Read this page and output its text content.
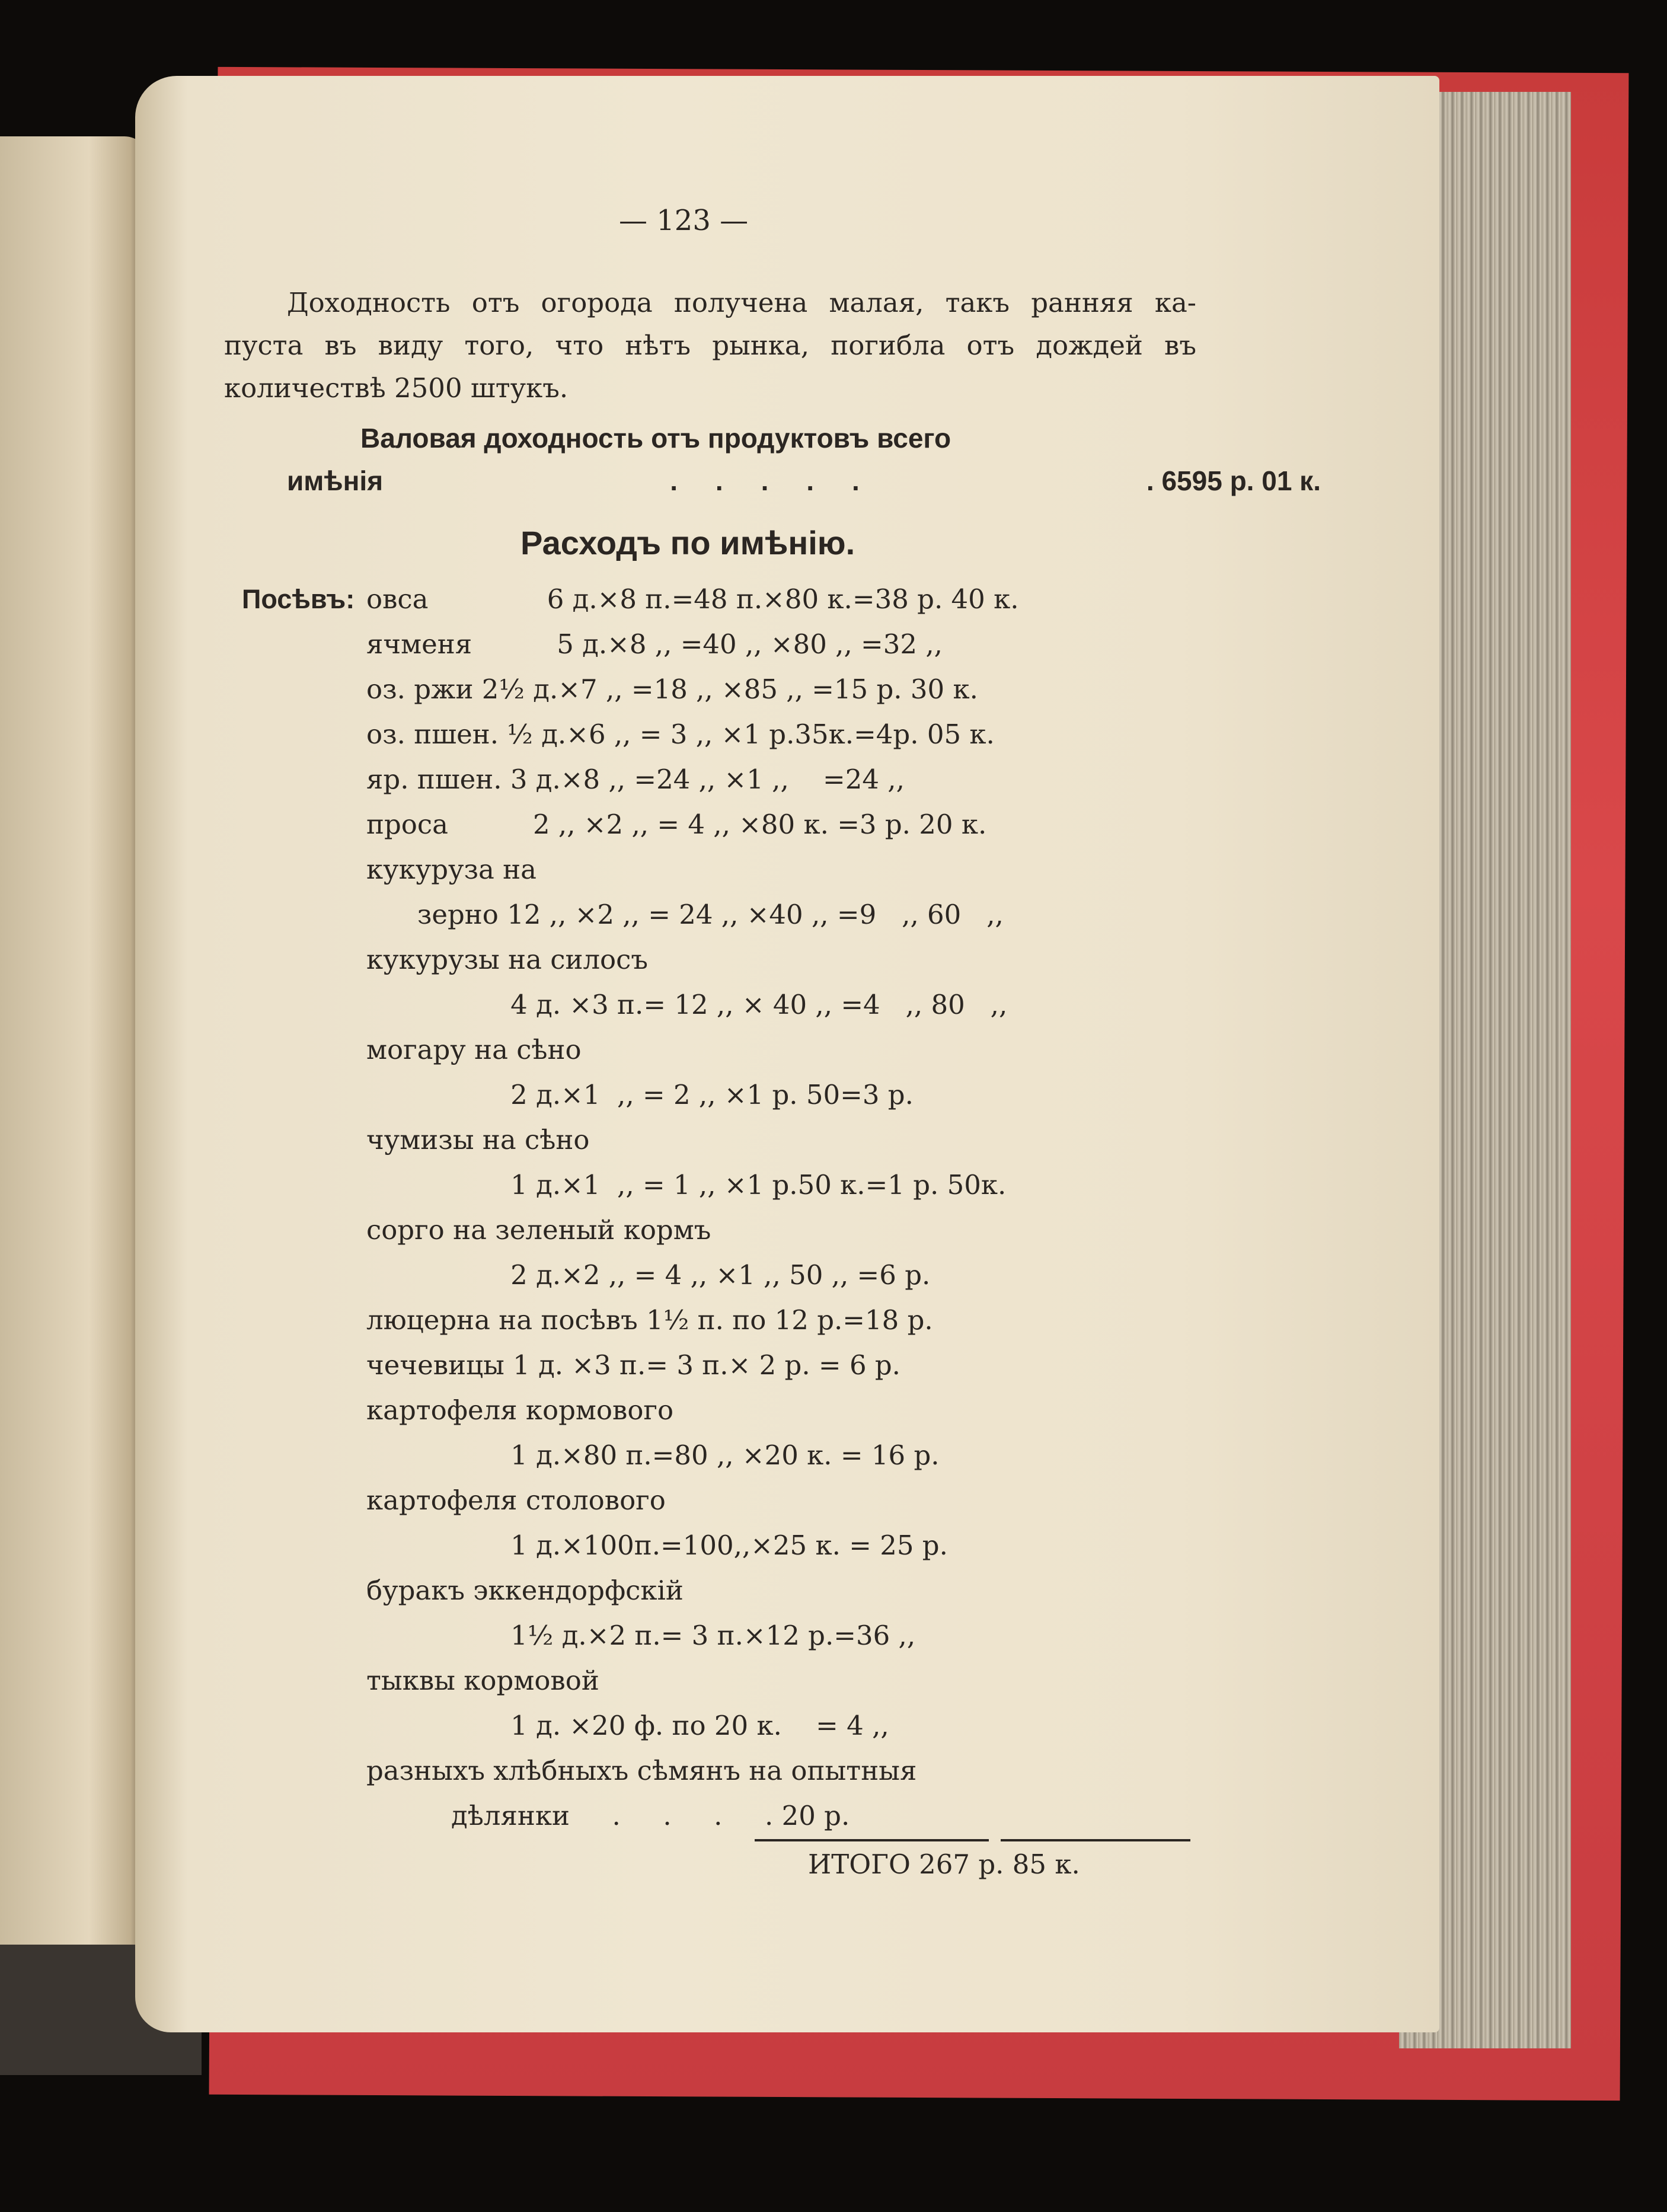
— 123 —
Доходность отъ огорода получена малая, такъ ранняя ка-
пуста въ виду того, что нѣтъ рынка, погибла отъ дождей въ
количествѣ 2500 штукъ.
Валовая доходность отъ продуктовъ всего
имѣнія	.     .     .     .     .	. 6595 р. 01 к.
Расходъ по имѣнію.
Посѣвъ: овса              6 д.×8 п.=48 п.×80 к.=38 р. 40 к.
ячменя          5 д.×8 ,, =40 ,, ×80 ,, =32 ,,
оз. ржи 2½ д.×7 ,, =18 ,, ×85 ,, =15 р. 30 к.
оз. пшен. ½ д.×6 ,, = 3 ,, ×1 р.35к.=4р. 05 к.
яр. пшен. 3 д.×8 ,, =24 ,, ×1 ,,    =24 ,,
проса          2 ,, ×2 ,, = 4 ,, ×80 к. =3 р. 20 к.
кукуруза на
зерно 12 ,, ×2 ,, = 24 ,, ×40 ,, =9   ,, 60   ,,
кукурузы на силосъ
4 д. ×3 п.= 12 ,, × 40 ,, =4   ,, 80   ,,
могару на сѣно
2 д.×1  ,, = 2 ,, ×1 р. 50=3 р.
чумизы на сѣно
1 д.×1  ,, = 1 ,, ×1 р.50 к.=1 р. 50к.
сорго на зеленый кормъ
2 д.×2 ,, = 4 ,, ×1 ,, 50 ,, =6 р.
люцерна на посѣвъ 1½ п. по 12 р.=18 р.
чечевицы 1 д. ×3 п.= 3 п.× 2 р. = 6 р.
картофеля кормового
1 д.×80 п.=80 ,, ×20 к. = 16 р.
картофеля столового
1 д.×100п.=100,,×25 к. = 25 р.
буракъ эккендорфскій
1½ д.×2 п.= 3 п.×12 р.=36 ,,
тыквы кормовой
1 д. ×20 ф. по 20 к.    = 4 ,,
разныхъ хлѣбныхъ сѣмянъ на опытныя
дѣлянки     .     .     .     . 20 р.
ИТОГО 267 р. 85 к.
